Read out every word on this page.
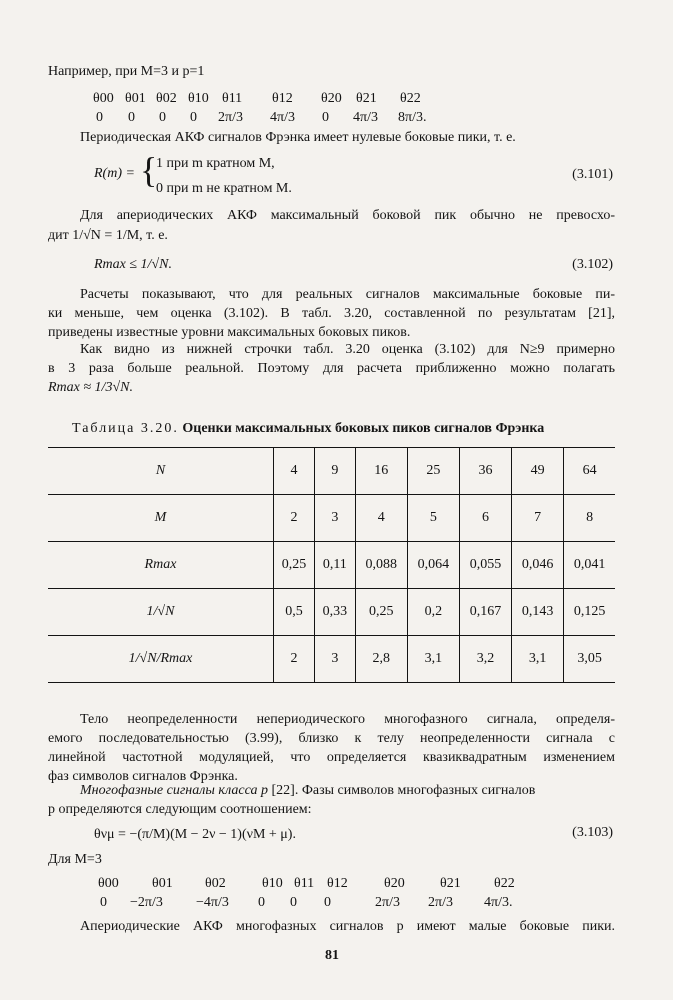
Например, при M=3 и p=1
θ00 θ01 θ02 θ10 θ11 θ12 θ20 θ21 θ22
0 0 0 0 2π/3 4π/3 0 4π/3 8π/3.
Периодическая АКФ сигналов Фрэнка имеет нулевые боковые пики, т. е.
R(m) = {
1 при m кратном M,
0 при m не кратном M.
(3.101)
Для апериодических АКФ максимальный боковой пик обычно не превосхо-
дит 1/√N = 1/M, т. е.
Rmax ≤ 1/√N.	(3.102)
Расчеты показывают, что для реальных сигналов максимальные боковые пи-
ки меньше, чем оценка (3.102). В табл. 3.20, составленной по результатам [21],
приведены известные уровни максимальных боковых пиков.
Как видно из нижней строчки табл. 3.20 оценка (3.102) для N≥9 примерно
в 3 раза больше реальной. Поэтому для расчета приближенно можно полагать
Rmax ≈ 1/3√N.
Таблица 3.20. Оценки максимальных боковых пиков сигналов Фрэнка
N	4	9	16	25	36	49	64
M	2	3	4	5	6	7	8
Rmax	0,25	0,11	0,088	0,064	0,055	0,046	0,041
1/√N	0,5	0,33	0,25	0,2	0,167	0,143	0,125
1/√N/Rmax	2	3	2,8	3,1	3,2	3,1	3,05
Тело неопределенности непериодического многофазного сигнала, определя-
емого последовательностью (3.99), близко к телу неопределенности сигнала с
линейной частотной модуляцией, что определяется квазиквадратным изменением
фаз символов сигналов Фрэнка.
Многофазные сигналы класса p [22]. Фазы символов многофазных сигналов
p определяются следующим соотношением:
θνμ = −(π/M)(M − 2ν − 1)(νM + μ).	(3.103)
Для M=3
θ00 θ01 θ02	θ10 θ11 θ12	θ20	θ21 θ22
0 −2π/3 −4π/3 0 0 0	2π/3 2π/3 4π/3.
Апериодические АКФ многофазных сигналов p имеют малые боковые пики.
81
